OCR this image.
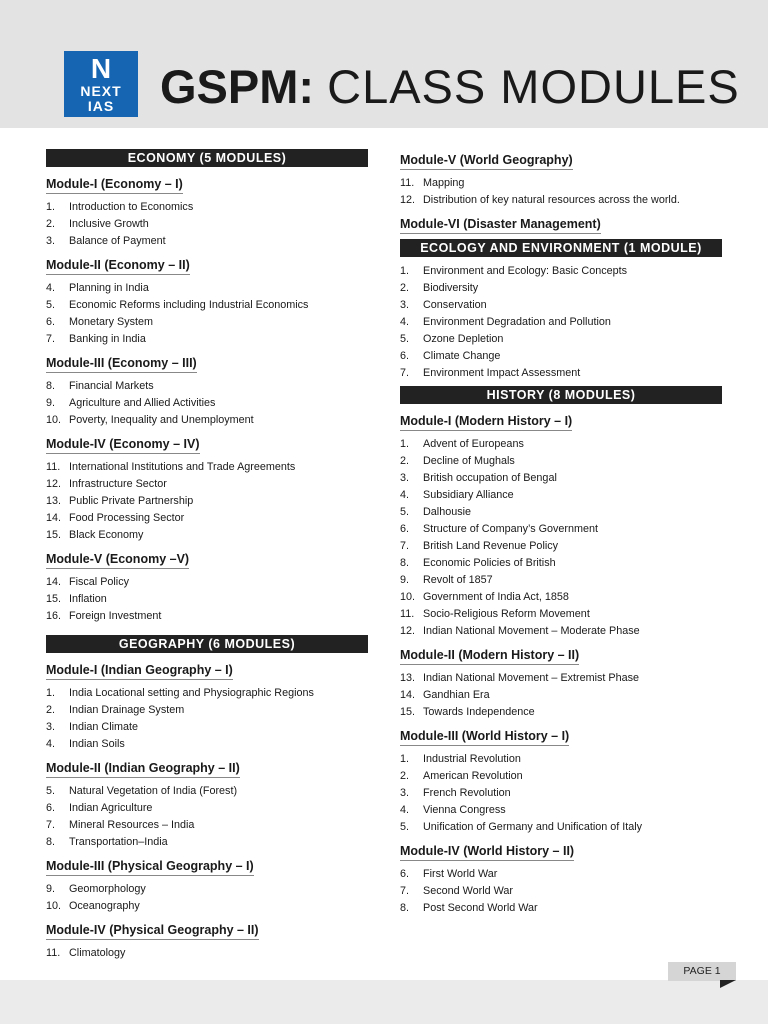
N
NEXT
IAS GSPM: CLASS MODULES
ECONOMY (5 MODULES)
Module-I (Economy – I)
1.	Introduction to Economics
2.	Inclusive Growth
3.	Balance of Payment
Module-II (Economy – II)
4.	Planning in India
5.	Economic Reforms including Industrial Economics
6.	Monetary System
7.	Banking in India
Module-III (Economy – III)
8.	Financial Markets
9.	Agriculture and Allied Activities
10. Poverty, Inequality and Unemployment
Module-IV (Economy – IV)
11. International Institutions and Trade Agreements
12. Infrastructure Sector
13. Public Private Partnership
14. Food Processing Sector
15. Black Economy
Module-V (Economy –V)
14. Fiscal Policy
15. Inflation
16. Foreign Investment
GEOGRAPHY (6 MODULES)
Module-I (Indian Geography – I)
1.	India Locational setting and Physiographic Regions
2.	Indian Drainage System
3.	Indian Climate
4.	Indian Soils
Module-II (Indian Geography – II)
5.	Natural Vegetation of India (Forest)
6.	Indian Agriculture
7.	Mineral Resources – India
8.	Transportation–India
Module-III (Physical Geography – I)
9.	Geomorphology
10. Oceanography
Module-IV (Physical Geography – II)
11. Climatology
Module-V (World Geography)
11. Mapping
12. Distribution of key natural resources across the world.
Module-VI (Disaster Management)
ECOLOGY AND ENVIRONMENT (1 MODULE)
1.	Environment and Ecology: Basic Concepts
2.	Biodiversity
3.	Conservation
4.	Environment Degradation and Pollution
5.	Ozone Depletion
6.	Climate Change
7.	Environment Impact Assessment
HISTORY (8 MODULES)
Module-I (Modern History – I)
1.	Advent of Europeans
2.	Decline of Mughals
3.	British occupation of Bengal
4.	Subsidiary Alliance
5.	Dalhousie
6.	Structure of Company’s Government
7.	British Land Revenue Policy
8.	Economic Policies of British
9.	Revolt of 1857
10. Government of India Act, 1858
11. Socio-Religious Reform Movement
12. Indian National Movement – Moderate Phase
Module-II (Modern History – II)
13. Indian National Movement – Extremist Phase
14. Gandhian Era
15. Towards Independence
Module-III (World History – I)
1.	Industrial Revolution
2.	American Revolution
3.	French Revolution
4.	Vienna Congress
5.	Unification of Germany and Unification of Italy
Module-IV (World History – II)
6.	First World War
7.	Second World War
8.	Post Second World War
PAGE 1
